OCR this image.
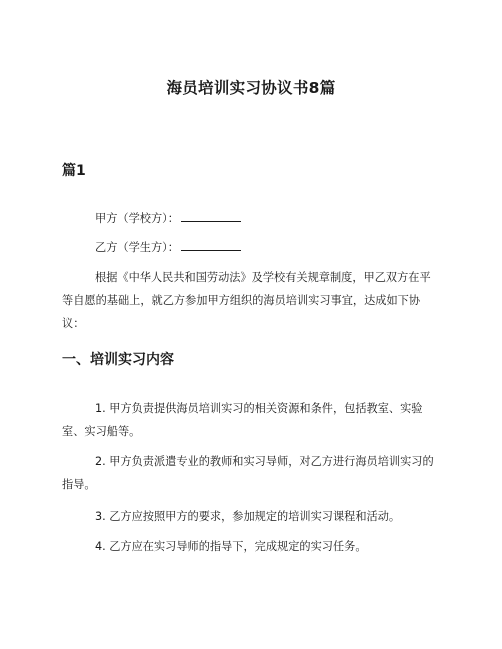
海员培训实习协议书8篇
篇1
甲方（学校方）：
乙方（学生方）：
根据《中华人民共和国劳动法》及学校有关规章制度，甲乙双方在平等自愿的基础上，就乙方参加甲方组织的海员培训实习事宜，达成如下协议：
一、培训实习内容
1. 甲方负责提供海员培训实习的相关资源和条件，包括教室、实验室、实习船等。
2. 甲方负责派遣专业的教师和实习导师，对乙方进行海员培训实习的指导。
3. 乙方应按照甲方的要求，参加规定的培训实习课程和活动。
4. 乙方应在实习导师的指导下，完成规定的实习任务。
